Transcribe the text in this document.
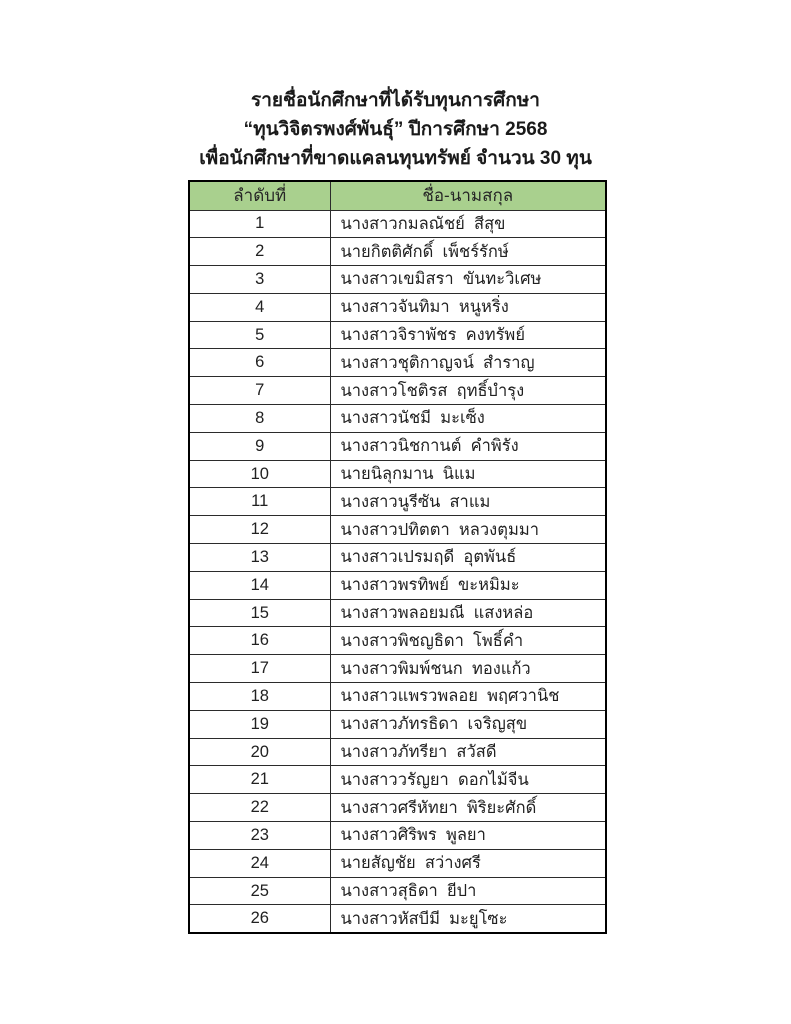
รายชื่อนักศึกษาที่ได้รับทุนการศึกษา
“ทุนวิจิตรพงศ์พันธุ์” ปีการศึกษา 2568
เพื่อนักศึกษาที่ขาดแคลนทุนทรัพย์ จำนวน 30 ทุน
ลำดับที่	ชื่อ-นามสกุล
1	นางสาวกมลณัชย์  สีสุข
2	นายกิตติศักดิ์  เพ็ชร์รักษ์
3	นางสาวเขมิสรา  ขันทะวิเศษ
4	นางสาวจันทิมา  หนูหริ่ง
5	นางสาวจิราพัชร  คงทรัพย์
6	นางสาวชุติกาญจน์  สำราญ
7	นางสาวโชติรส  ฤทธิ์บำรุง
8	นางสาวนัชมี  มะเซ็ง
9	นางสาวนิชกานต์  คำพิรัง
10	นายนิลุกมาน  นิแม
11	นางสาวนูรีซัน  สาแม
12	นางสาวปทิตตา  หลวงตุมมา
13	นางสาวเปรมฤดี  อุตพันธ์
14	นางสาวพรทิพย์  ขะหมิมะ
15	นางสาวพลอยมณี  แสงหล่อ
16	นางสาวพิชญธิดา  โพธิ์คำ
17	นางสาวพิมพ์ชนก  ทองแก้ว
18	นางสาวแพรวพลอย  พฤศวานิช
19	นางสาวภัทรธิดา  เจริญสุข
20	นางสาวภัทรียา  สวัสดี
21	นางสาววรัญยา  ดอกไม้จีน
22	นางสาวศรีหัทยา  พิริยะศักดิ์
23	นางสาวศิริพร  พูลยา
24	นายสัญชัย  สว่างศรี
25	นางสาวสุธิดา  ยีปา
26	นางสาวหัสบีมี  มะยูโซะ
